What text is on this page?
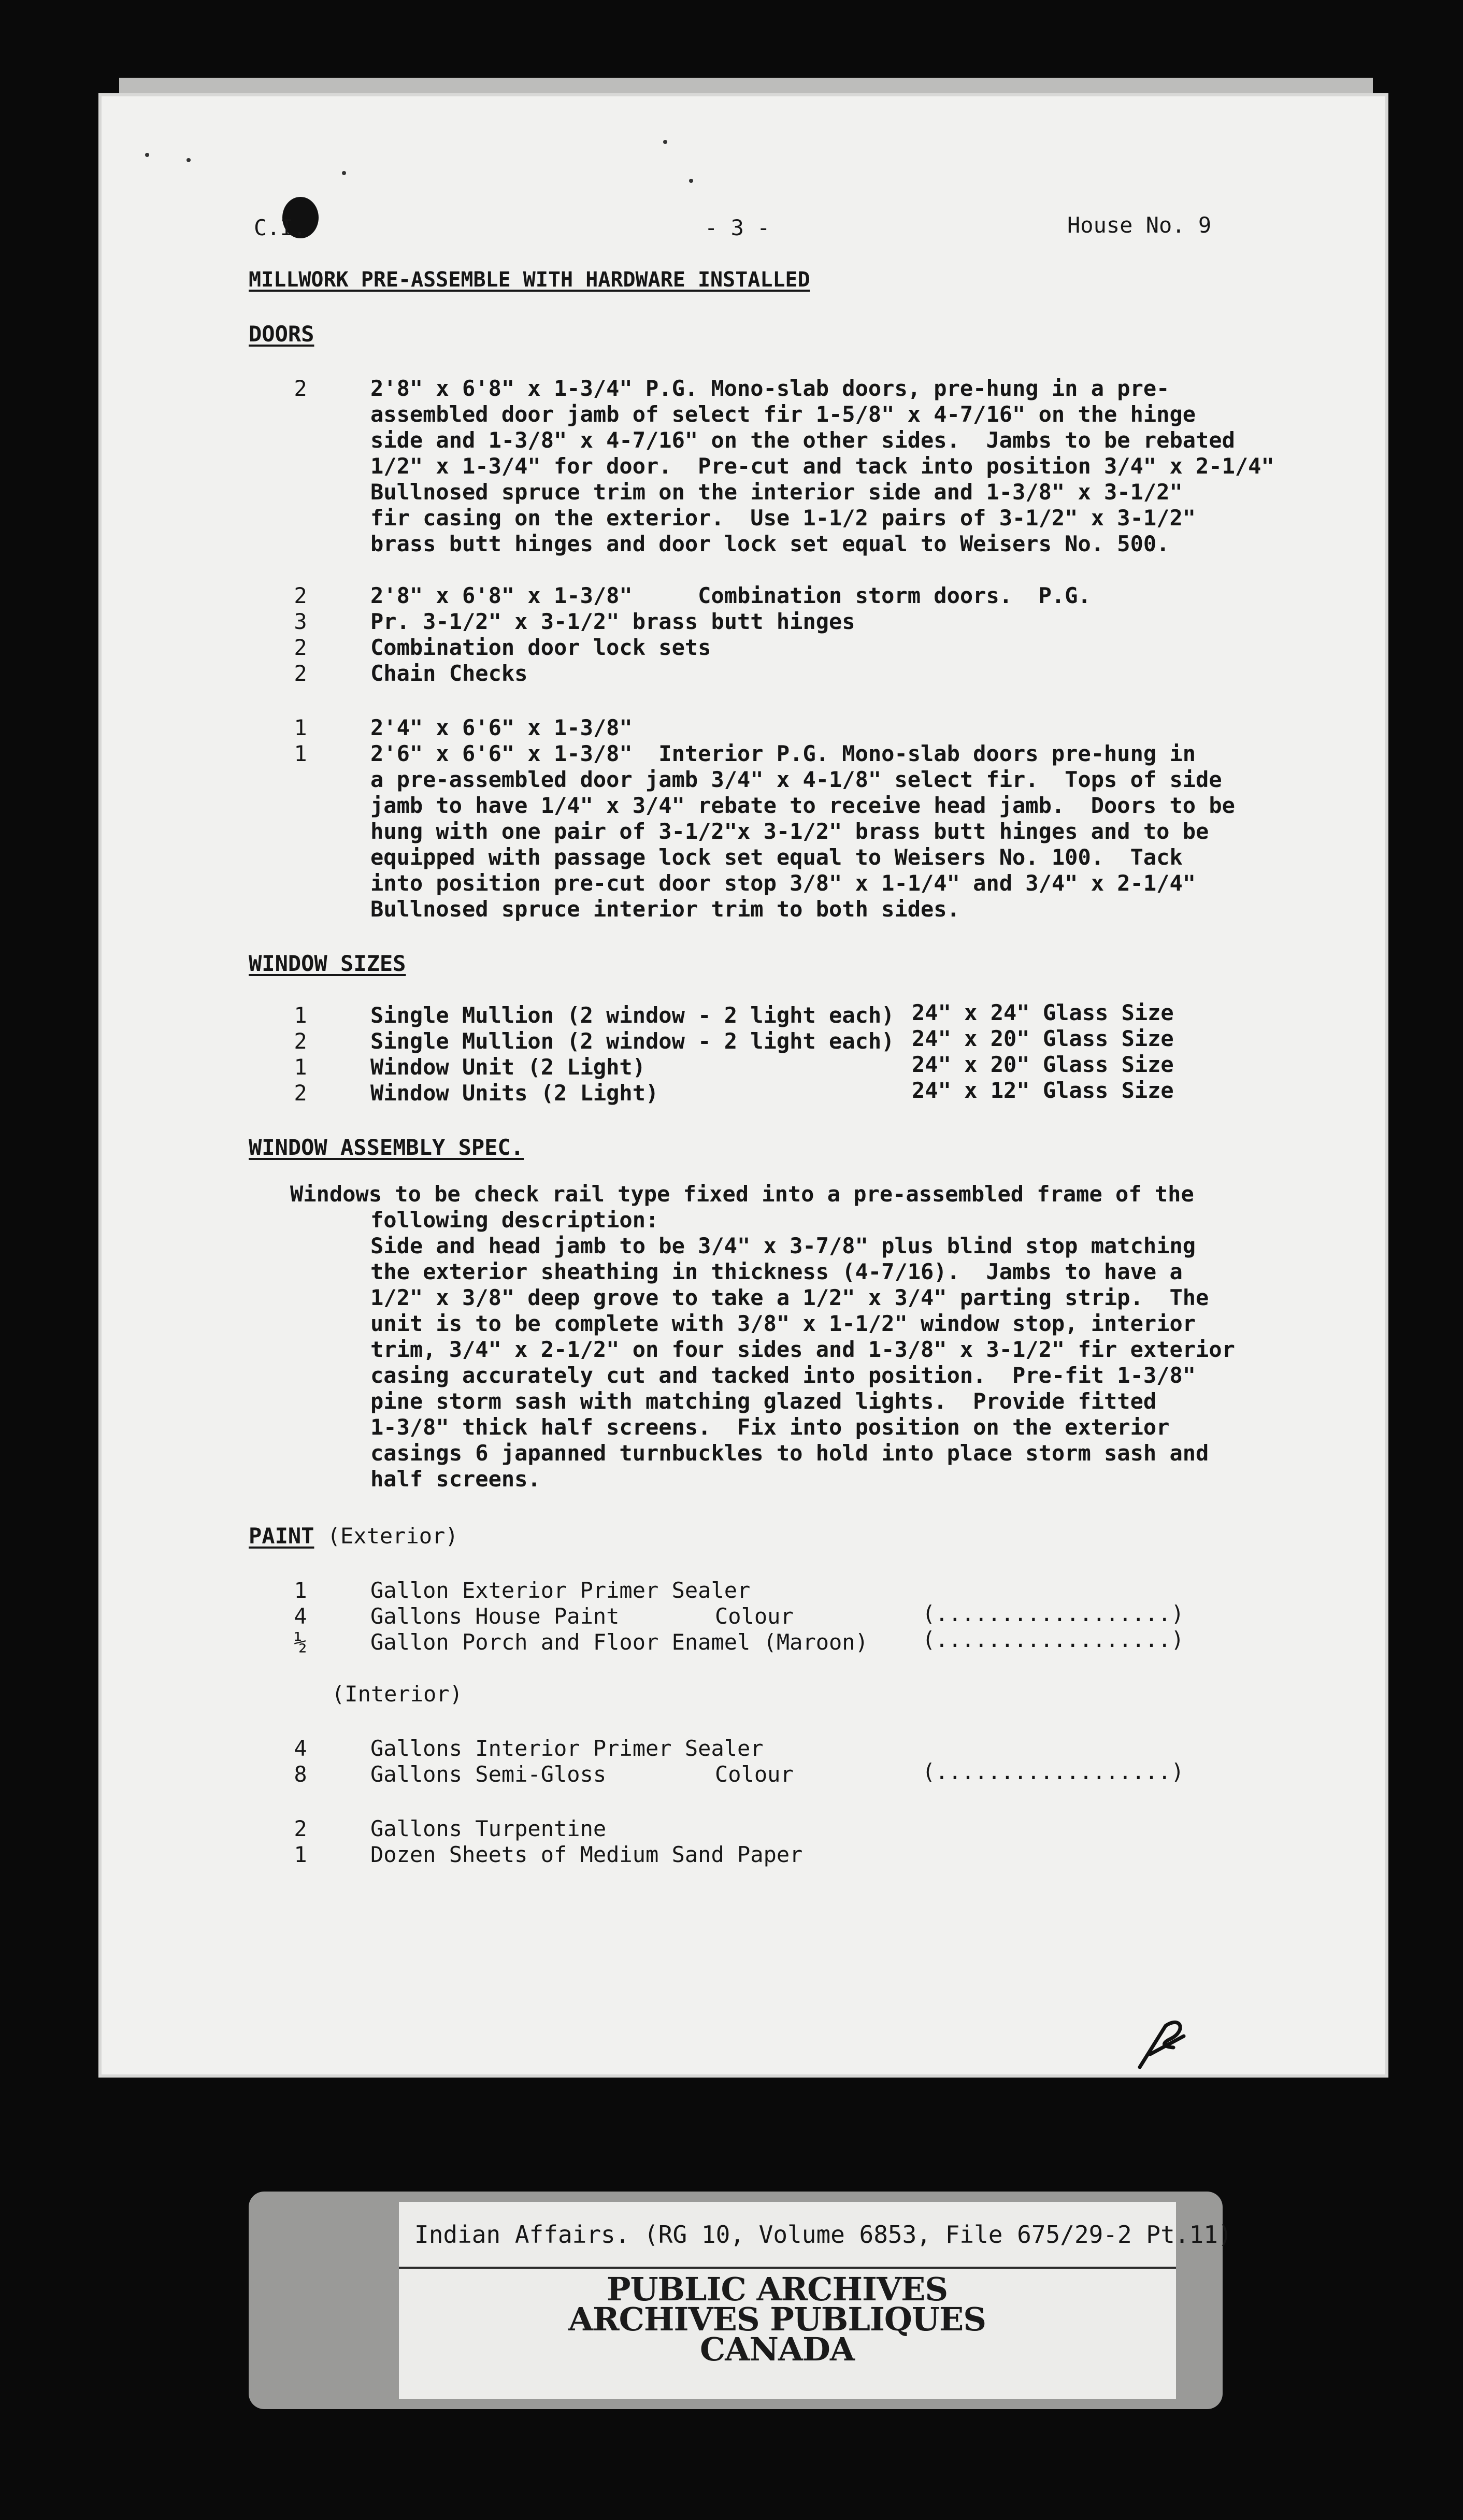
C.I.	- 3 -	House No. 9
MILLWORK PRE-ASSEMBLE WITH HARDWARE INSTALLED
DOORS
2	2'8" x 6'8" x 1-3/4" P.G. Mono-slab doors, pre-hung in a pre-
assembled door jamb of select fir 1-5/8" x 4-7/16" on the hinge
side and 1-3/8" x 4-7/16" on the other sides.  Jambs to be rebated
1/2" x 1-3/4" for door.  Pre-cut and tack into position 3/4" x 2-1/4"
Bullnosed spruce trim on the interior side and 1-3/8" x 3-1/2"
fir casing on the exterior.  Use 1-1/2 pairs of 3-1/2" x 3-1/2"
brass butt hinges and door lock set equal to Weisers No. 500.
2	2'8" x 6'8" x 1-3/8"     Combination storm doors.  P.G.
3	Pr. 3-1/2" x 3-1/2" brass butt hinges
2	Combination door lock sets
2	Chain Checks
1	2'4" x 6'6" x 1-3/8"
1	2'6" x 6'6" x 1-3/8"  Interior P.G. Mono-slab doors pre-hung in
a pre-assembled door jamb 3/4" x 4-1/8" select fir.  Tops of side
jamb to have 1/4" x 3/4" rebate to receive head jamb.  Doors to be
hung with one pair of 3-1/2"x 3-1/2" brass butt hinges and to be
equipped with passage lock set equal to Weisers No. 100.  Tack
into position pre-cut door stop 3/8" x 1-1/4" and 3/4" x 2-1/4"
Bullnosed spruce interior trim to both sides.
WINDOW SIZES
1	Single Mullion (2 window - 2 light each) 24" x 24" Glass Size
2	Single Mullion (2 window - 2 light each) 24" x 20" Glass Size
1	Window Unit (2 Light)	24" x 20" Glass Size
2	Window Units (2 Light)	24" x 12" Glass Size
WINDOW ASSEMBLY SPEC.
Windows to be check rail type fixed into a pre-assembled frame of the
following description:
Side and head jamb to be 3/4" x 3-7/8" plus blind stop matching
the exterior sheathing in thickness (4-7/16).  Jambs to have a
1/2" x 3/8" deep grove to take a 1/2" x 3/4" parting strip.  The
unit is to be complete with 3/8" x 1-1/2" window stop, interior
trim, 3/4" x 2-1/2" on four sides and 1-3/8" x 3-1/2" fir exterior
casing accurately cut and tacked into position.  Pre-fit 1-3/8"
pine storm sash with matching glazed lights.  Provide fitted
1-3/8" thick half screens.  Fix into position on the exterior
casings 6 japanned turnbuckles to hold into place storm sash and
half screens.
PAINT (Exterior)
1	Gallon Exterior Primer Sealer
4	Gallons House Paint	Colour	(..................)
½	Gallon Porch and Floor Enamel (Maroon) (..................)
(Interior)
4	Gallons Interior Primer Sealer
8	Gallons Semi-Gloss	Colour	(..................)
2	Gallons Turpentine
1	Dozen Sheets of Medium Sand Paper
Indian Affairs. (RG 10, Volume 6853, File 675/29-2 Pt.11)
PUBLIC ARCHIVES
ARCHIVES PUBLIQUES
CANADA
